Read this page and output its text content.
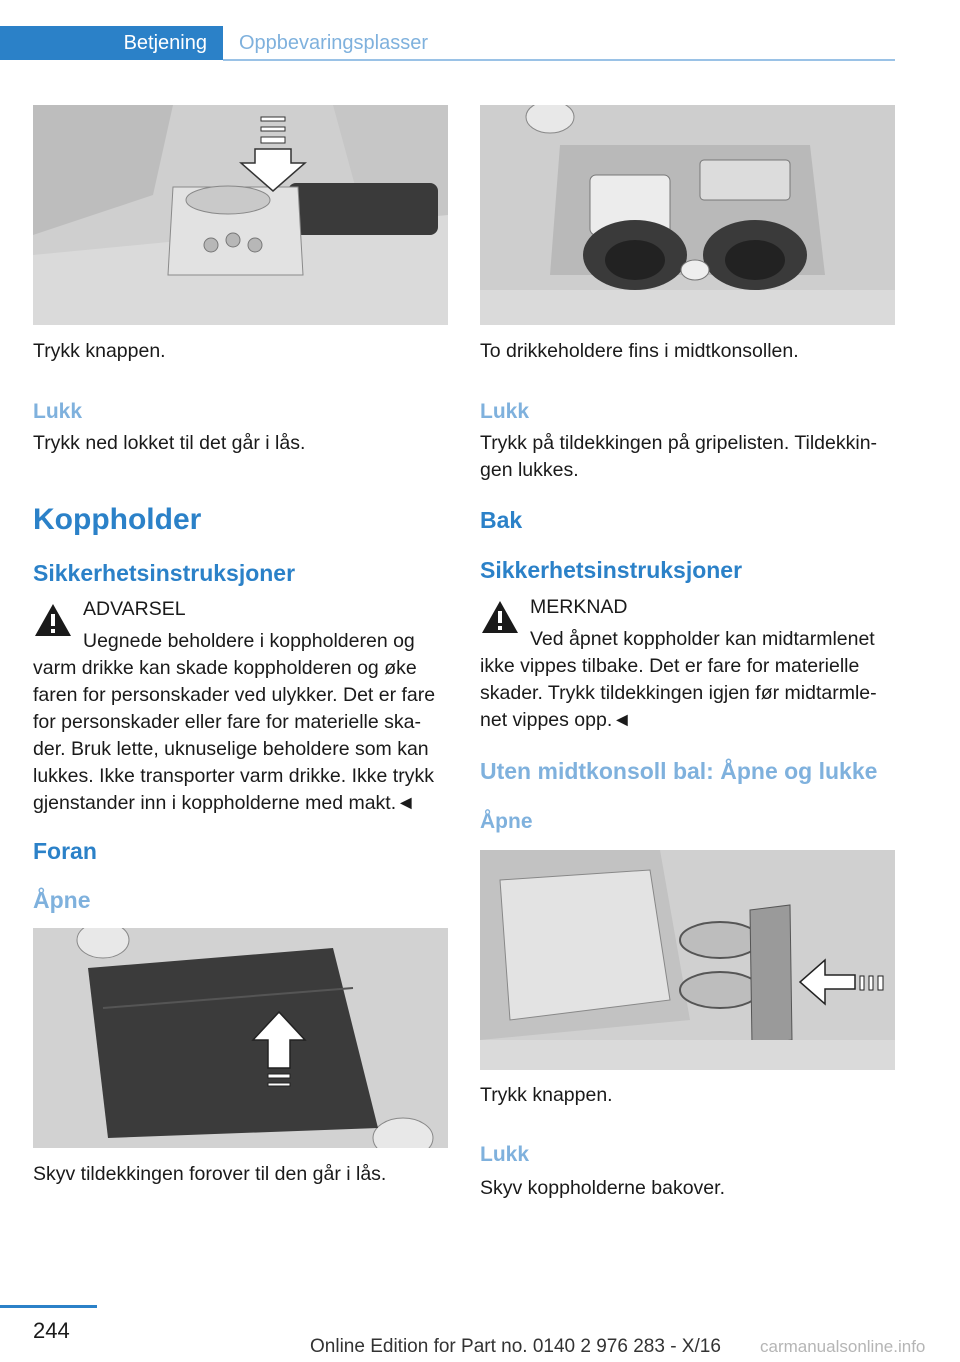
Betjening	Oppbevaringsplasser

Trykk knappen.

Lukk

Trykk ned lokket til det går i lås.

Koppholder
Sikkerhetsinstruksjoner
ADVARSEL
Uegnede beholdere i koppholderen og
varm drikke kan skade koppholderen og øke
faren for personskader ved ulykker. Det er fare
for personskader eller fare for materielle ska-
der. Bruk lette, uknuselige beholdere som kan
lukkes. Ikke transporter varm drikke. Ikke trykk
gjenstander inn i koppholderne med makt.◄
Foran
Åpne

Skyv tildekkingen forover til den går i lås.

To drikkeholdere fins i midtkonsollen.

Lukk

Trykk på tildekkingen på gripelisten. Tildekkin-
gen lukkes.
Bak
Sikkerhetsinstruksjoner
MERKNAD
Ved åpnet koppholder kan midtarmlenet
ikke vippes tilbake. Det er fare for materielle
skader. Trykk tildekkingen igjen før midtarmle-
net vippes opp.◄
Uten midtkonsoll bal: Åpne og lukke

Åpne

Trykk knappen.

Lukk

Skyv koppholderne bakover.

244
Online Edition for Part no. 0140 2 976 283 - X/16 carmanualsonline.info
